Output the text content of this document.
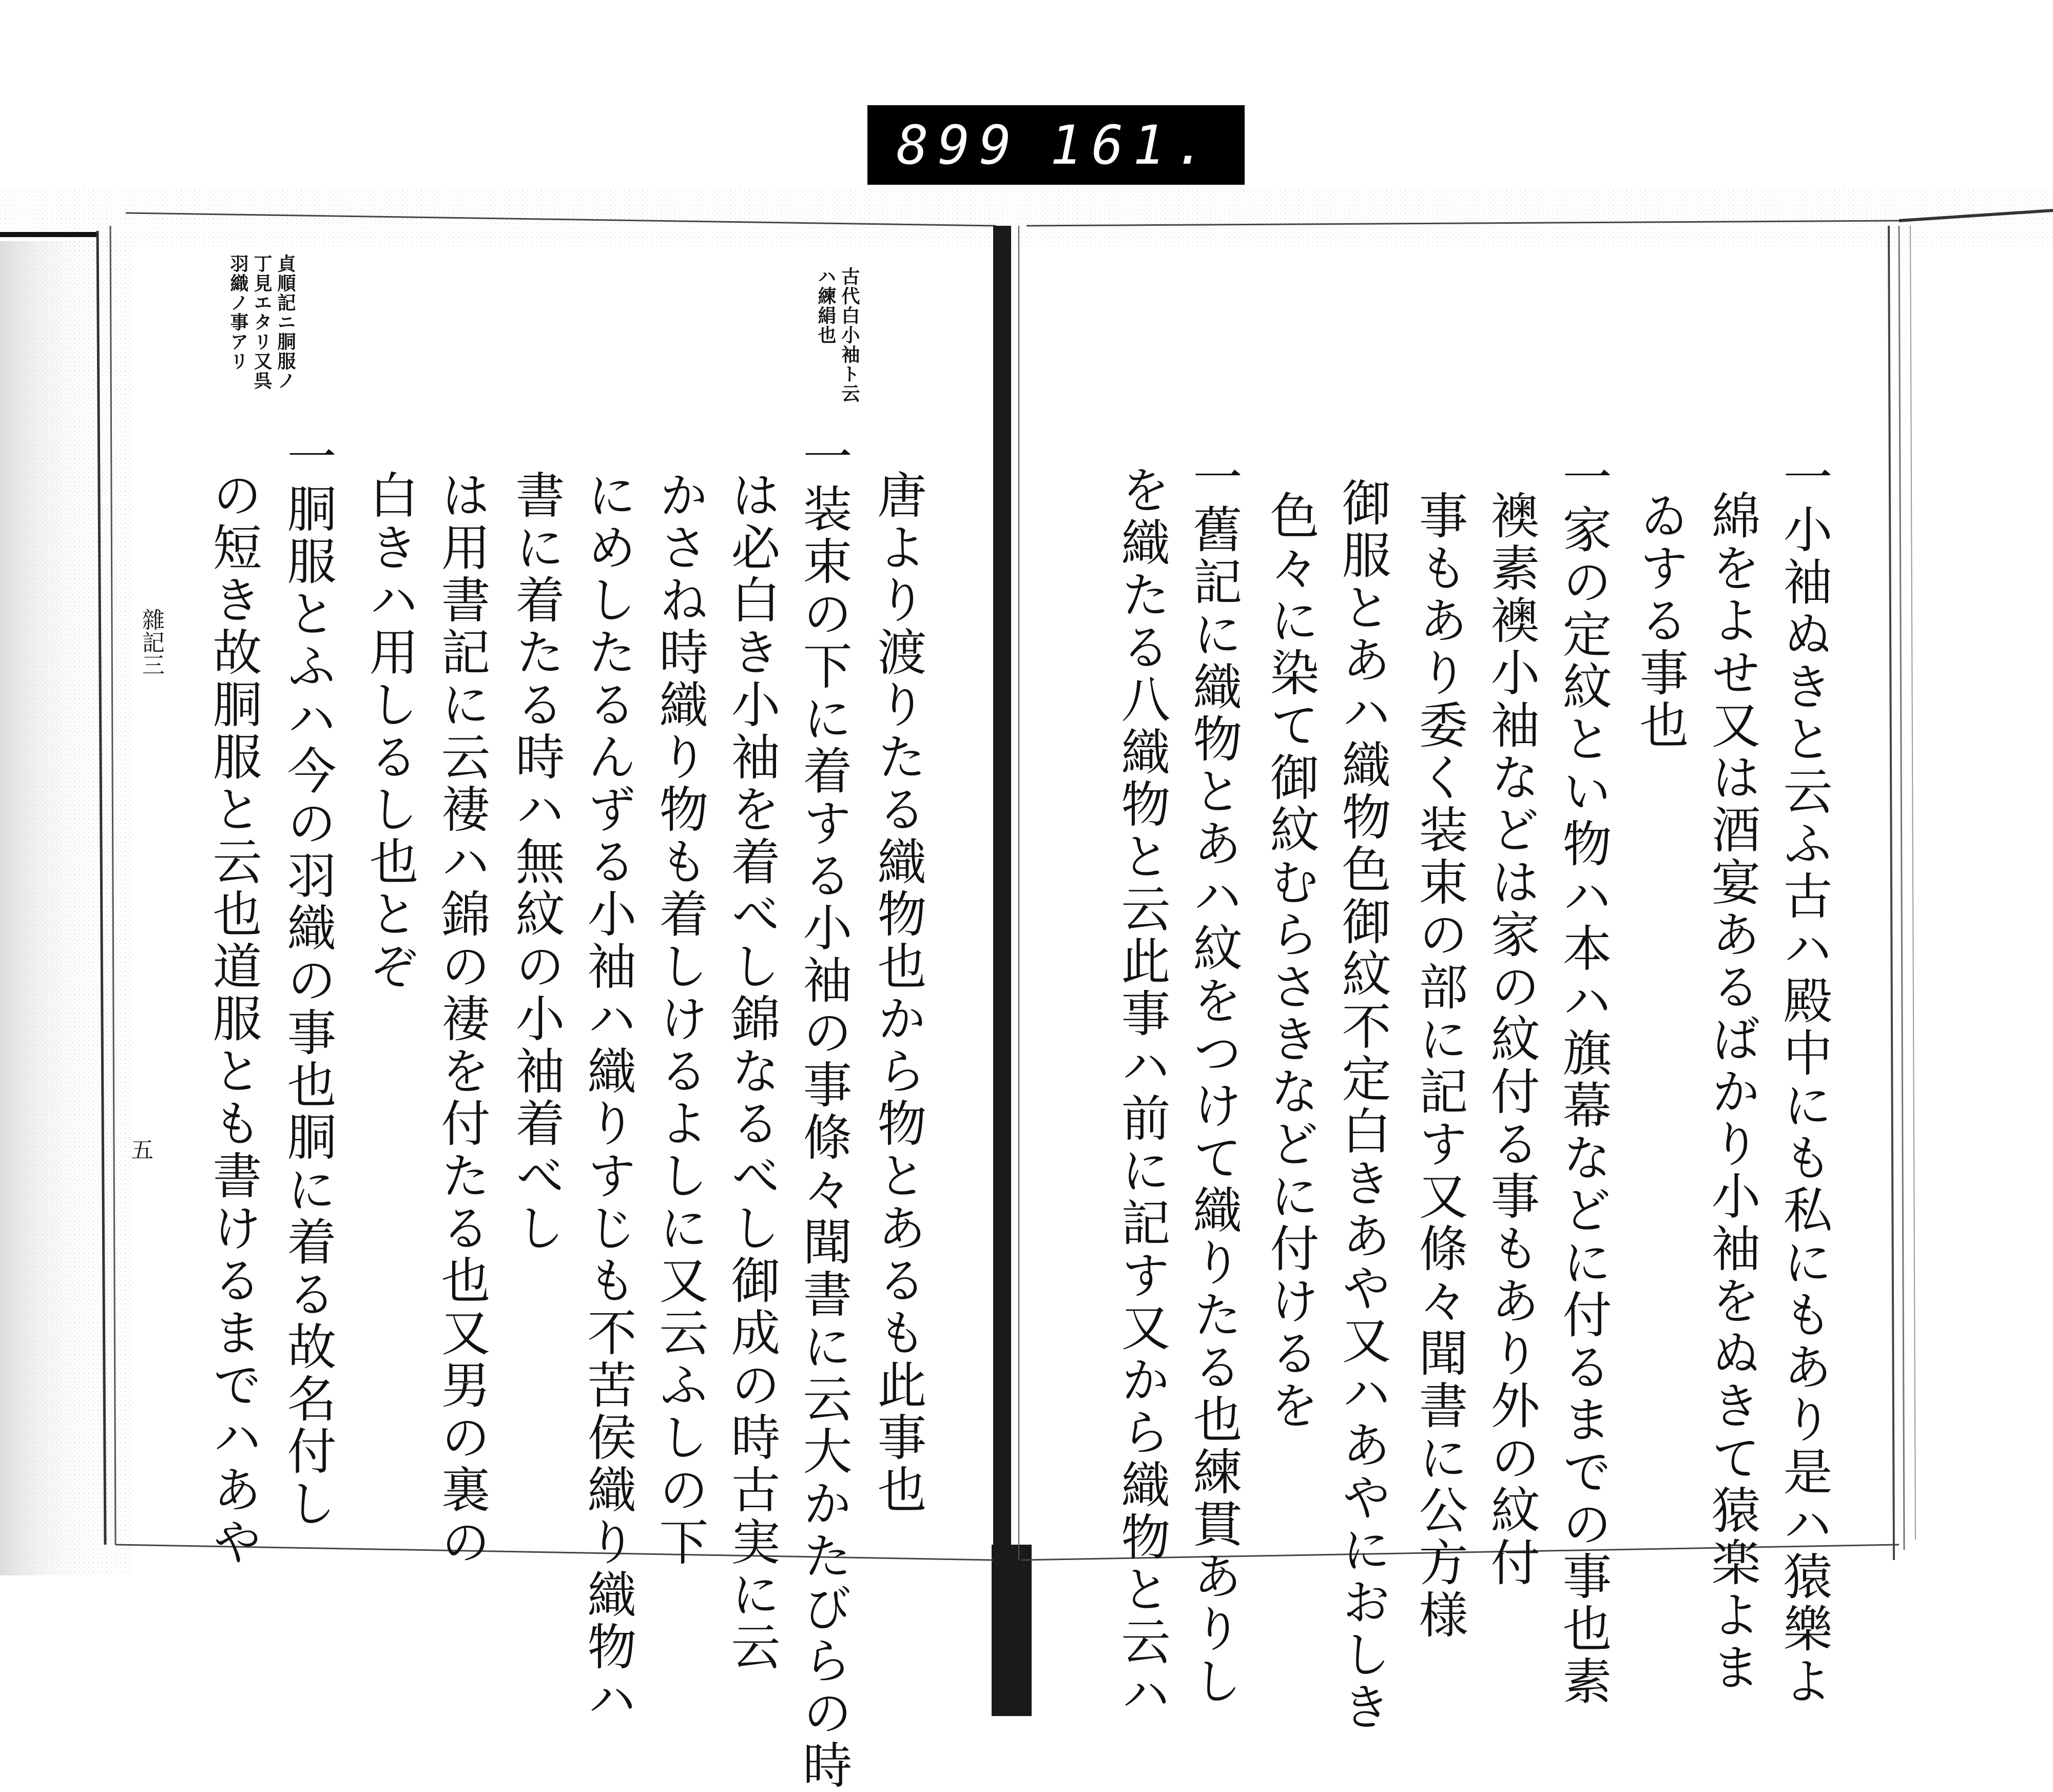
899 161.
一小袖ぬきと云ふ古ハ殿中にも私にもあり是ハ猿樂よ
綿をよせ又は酒宴あるばかり小袖をぬきて猿楽よま
ゐする事也
一家の定紋とい物ハ本ハ旗幕などに付るまでの事也素
襖素襖小袖などは家の紋付る事もあり外の紋付
事もあり委く装束の部に記す又條々聞書に公方様
御服とあハ織物色御紋不定白きあや又ハあやにおしき
色々に染て御紋むらさきなどに付けるを
一舊記に織物とあハ紋をつけて織りたる也練貫ありし
を織たる八織物と云此事ハ前に記す又から織物と云ハ
古代白小袖ト云
ハ練絹也
貞順記ニ胴服ノ
丁見エタリ又呉
羽織ノ事アリ
唐より渡りたる織物也から物とあるも此事也
一装束の下に着する小袖の事條々聞書に云大かたびらの時
は必白き小袖を着べし錦なるべし御成の時古実に云
かさね時織り物も着しけるよしに又云ふしの下
にめしたるんずる小袖ハ織りすじも不苦侯織り織物ハ
書に着たる時ハ無紋の小袖着べし
は用書記に云褄ハ錦の褄を付たる也又男の裏の
白きハ用しるし也とぞ
一胴服とふハ今の羽織の事也胴に着る故名付し
の短き故胴服と云也道服とも書けるまでハあや
雜記三
五
